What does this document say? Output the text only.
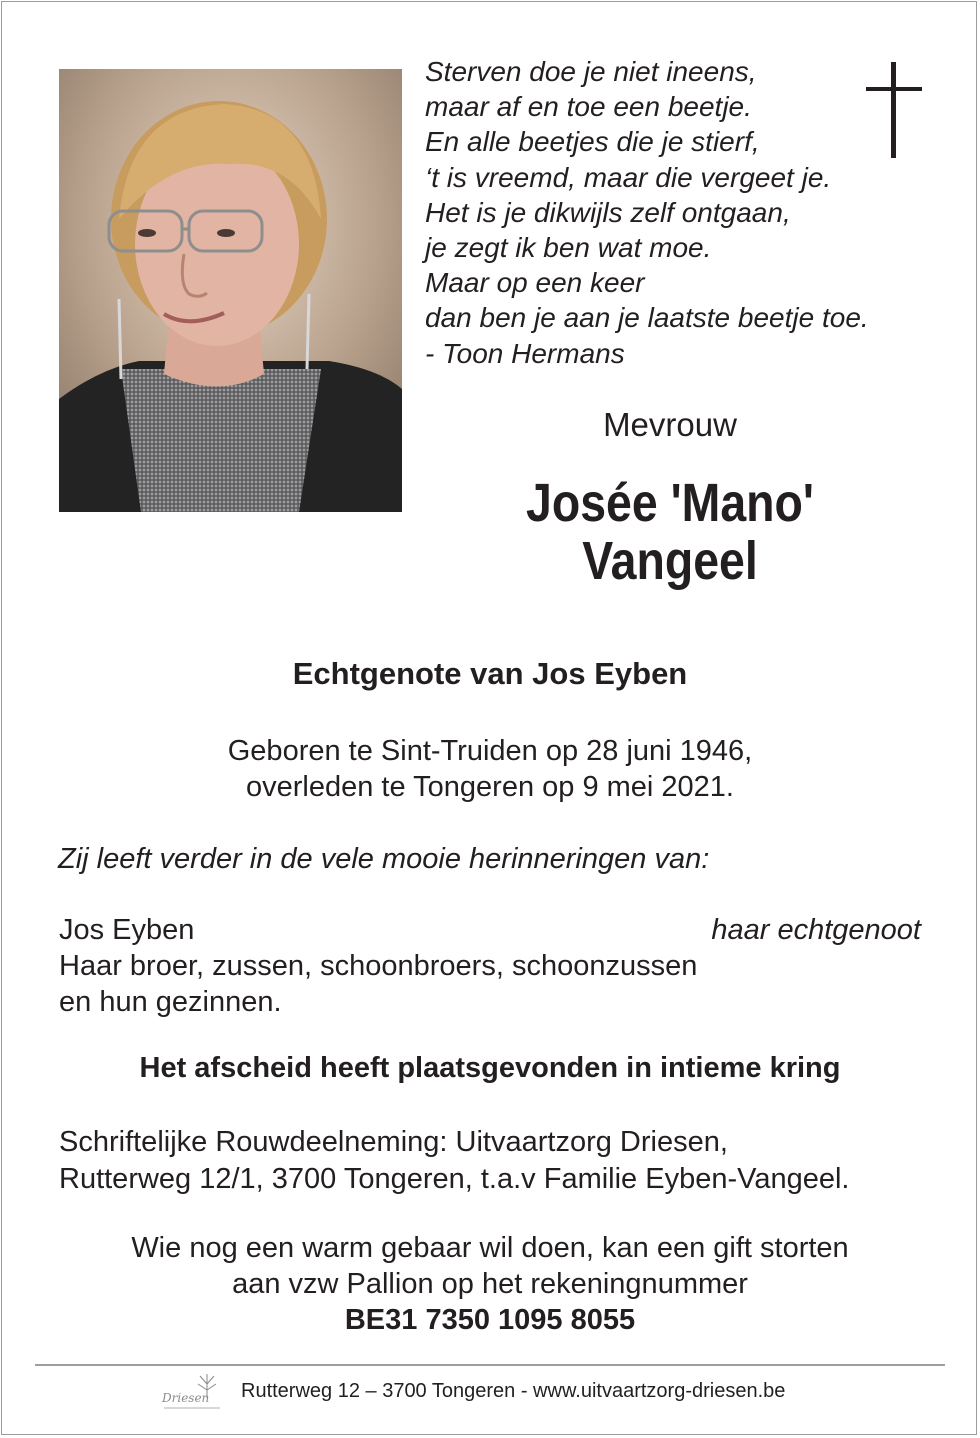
Sterven doe je niet ineens,
maar af en toe een beetje.
En alle beetjes die je stierf,
‘t is vreemd, maar die vergeet je.
Het is je dikwijls zelf ontgaan,
je zegt ik ben wat moe.
Maar op een keer
dan ben je aan je laatste beetje toe.
- Toon Hermans
Mevrouw
Josée 'Mano'
Vangeel
Echtgenote van Jos Eyben
Geboren te Sint-Truiden op 28 juni 1946,
overleden te Tongeren op 9 mei 2021.
Zij leeft verder in de vele mooie herinneringen van:
Jos Eyben	haar echtgenoot
Haar broer, zussen, schoonbroers, schoonzussen
en hun gezinnen.
Het afscheid heeft plaatsgevonden in intieme kring
Schriftelijke Rouwdeelneming: Uitvaartzorg Driesen,
Rutterweg 12/1, 3700 Tongeren, t.a.v Familie Eyben-Vangeel.
Wie nog een warm gebaar wil doen, kan een gift storten
aan vzw Pallion op het rekeningnummer
BE31 7350 1095 8055
Driesen Rutterweg 12 – 3700 Tongeren - www.uitvaartzorg-driesen.be
